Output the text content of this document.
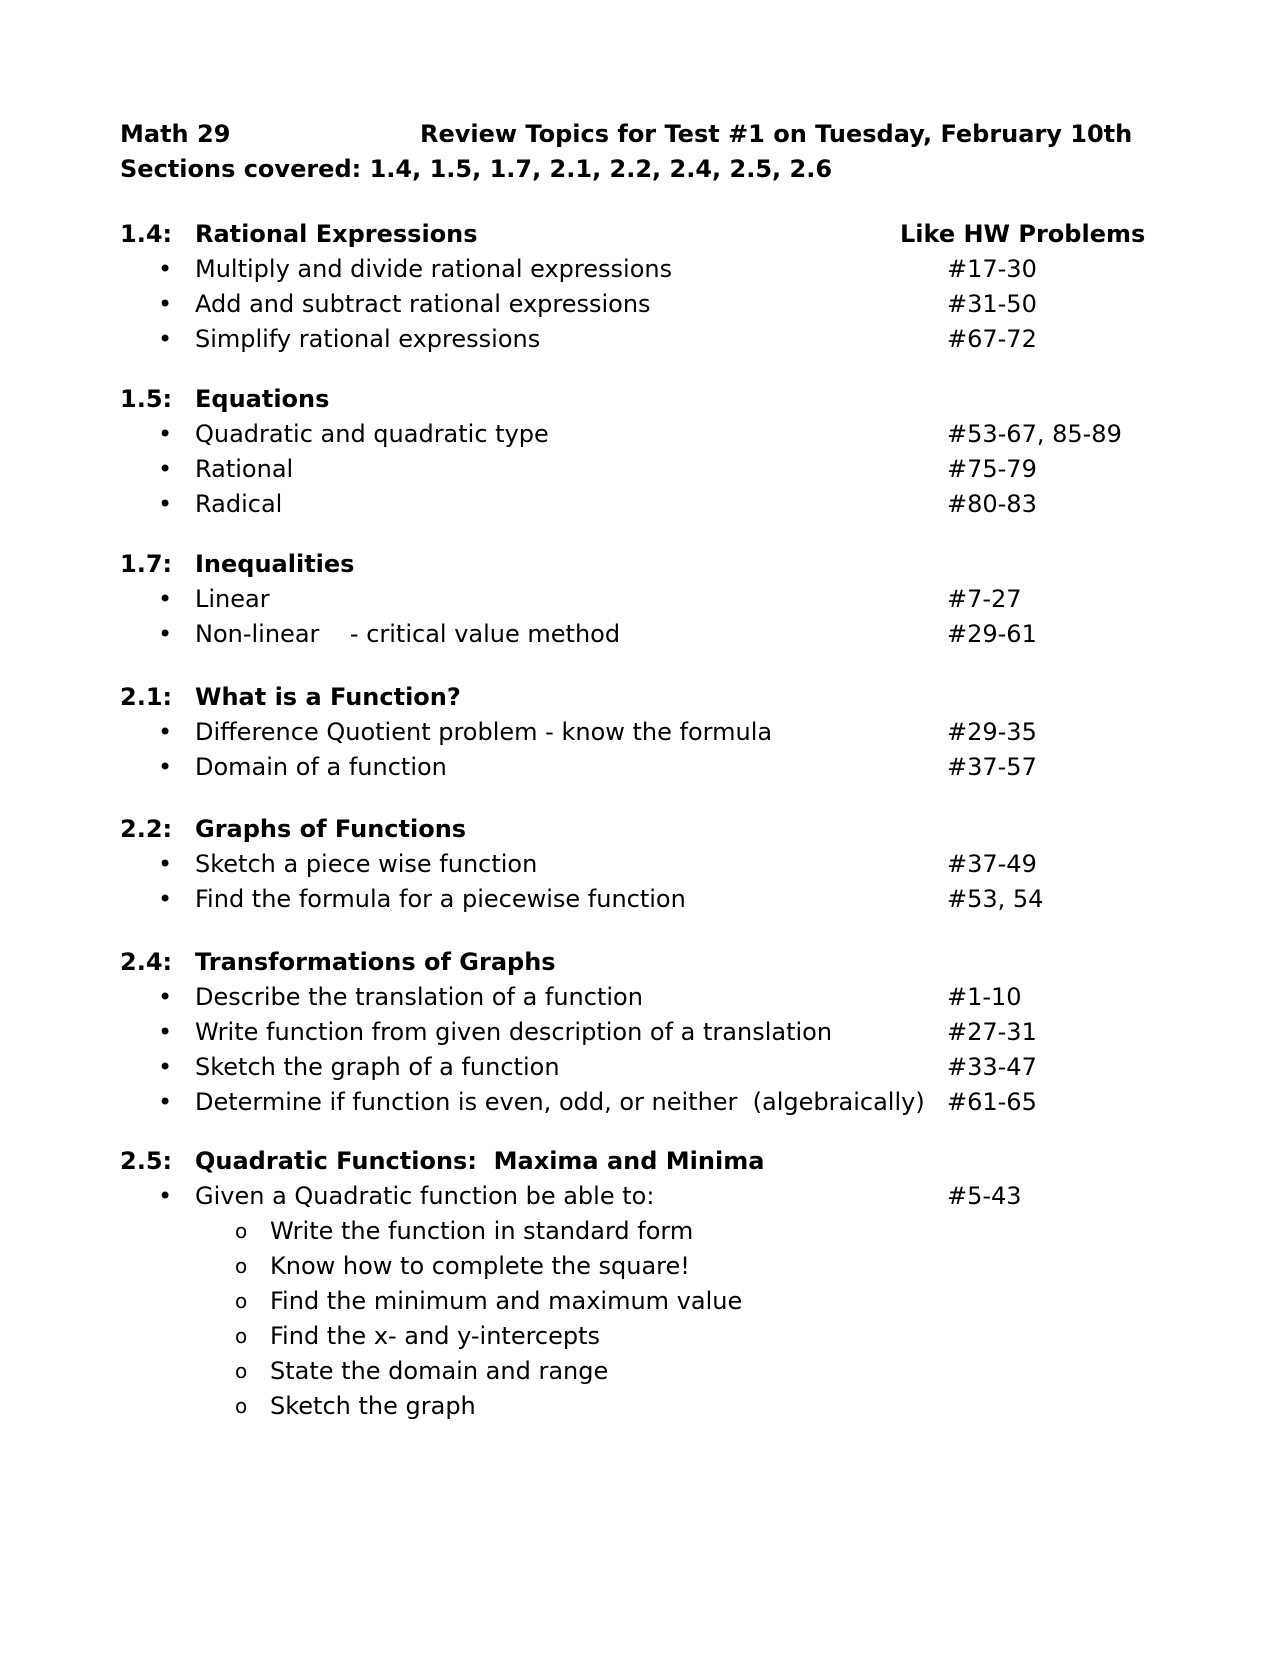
Math 29	Review Topics for Test #1 on Tuesday, February 10th
Sections covered: 1.4, 1.5, 1.7, 2.1, 2.2, 2.4, 2.5, 2.6
1.4: Rational Expressions	Like HW Problems
• Multiply and divide rational expressions	#17-30
• Add and subtract rational expressions	#31-50
• Simplify rational expressions	#67-72
1.5: Equations
• Quadratic and quadratic type	#53-67, 85-89
• Rational	#75-79
• Radical	#80-83
1.7: Inequalities
• Linear	#7-27
• Non-linear    - critical value method	#29-61
2.1: What is a Function?
• Difference Quotient problem - know the formula	#29-35
• Domain of a function	#37-57
2.2: Graphs of Functions
• Sketch a piece wise function	#37-49
• Find the formula for a piecewise function	#53, 54
2.4: Transformations of Graphs
• Describe the translation of a function	#1-10
• Write function from given description of a translation	#27-31
• Sketch the graph of a function	#33-47
• Determine if function is even, odd, or neither  (algebraically) #61-65
2.5: Quadratic Functions:  Maxima and Minima
• Given a Quadratic function be able to:	#5-43
o Write the function in standard form
o Know how to complete the square!
o Find the minimum and maximum value
o Find the x- and y-intercepts
o State the domain and range
o Sketch the graph
